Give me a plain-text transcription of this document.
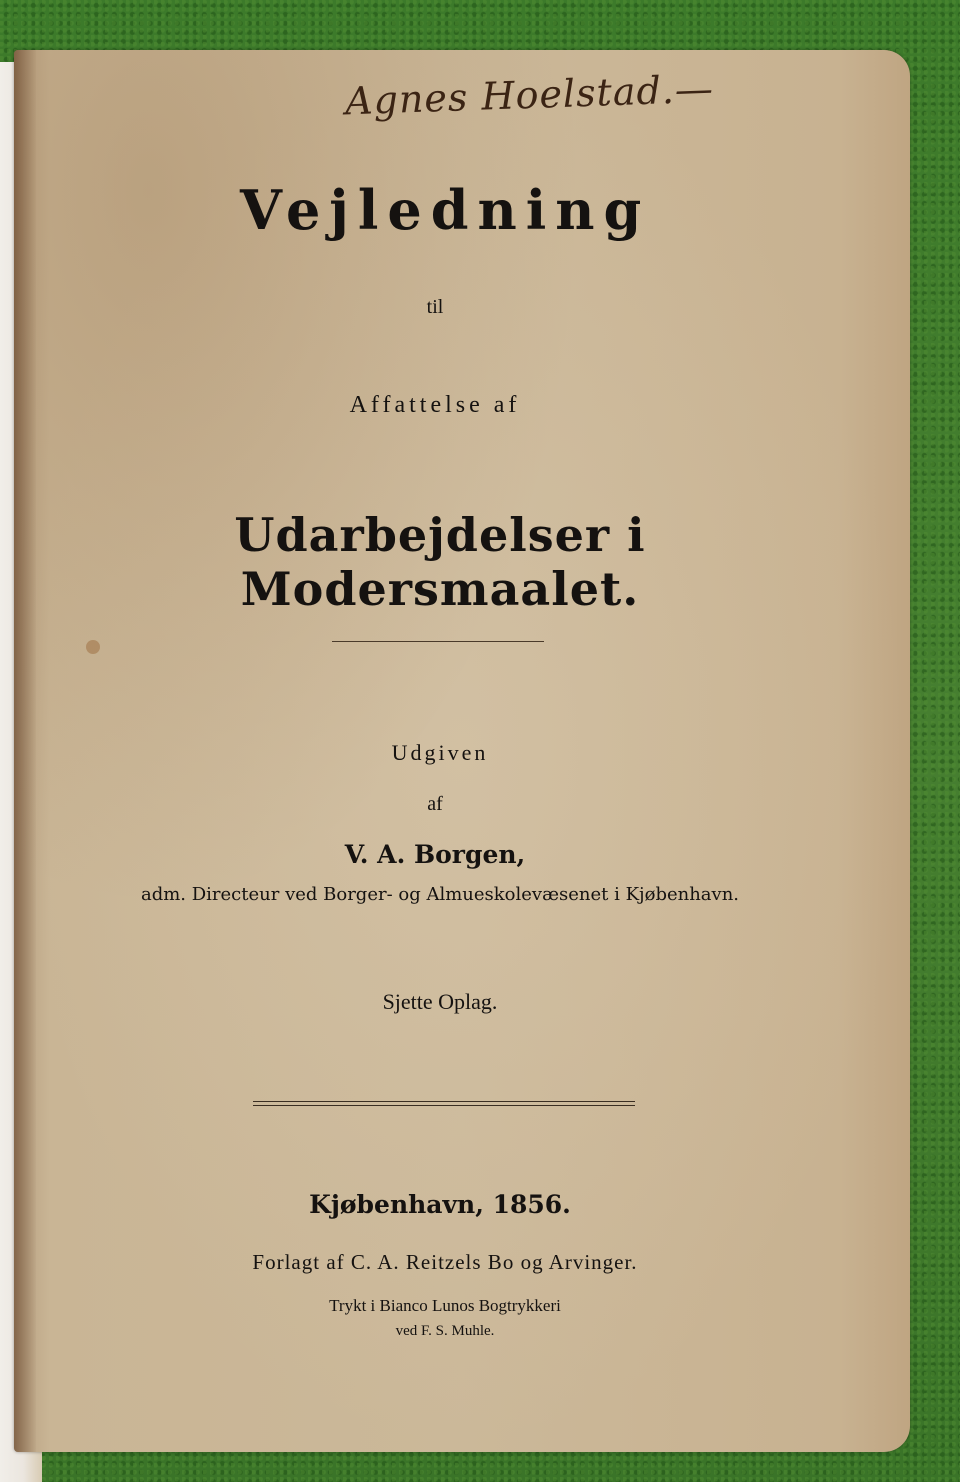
Agnes Hoelstad.—
Vejledning
til
Affattelse af
Udarbejdelser i Modersmaalet.
Udgiven
af
V. A. Borgen,
adm. Directeur ved Borger- og Almueskolevæsenet i Kjøbenhavn.
Sjette Oplag.
Kjøbenhavn, 1856.
Forlagt af C. A. Reitzels Bo og Arvinger.
Trykt i Bianco Lunos Bogtrykkeri
ved F. S. Muhle.
